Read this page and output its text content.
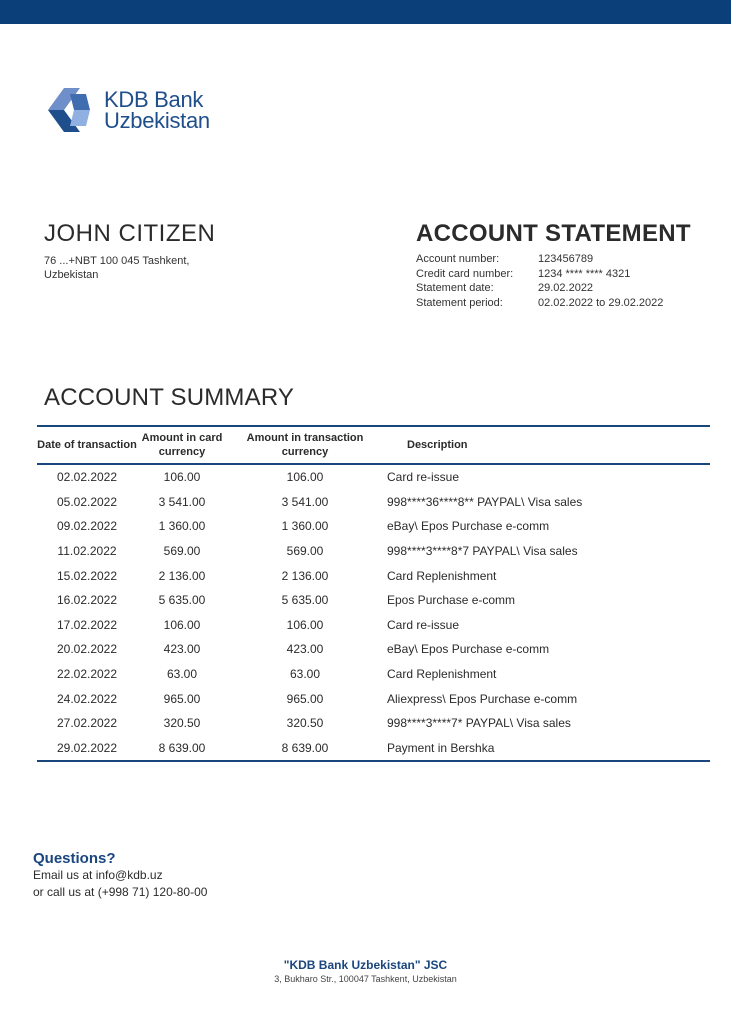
KDB Bank
Uzbekistan
JOHN CITIZEN
76 ...+NBT 100 045 Tashkent,
Uzbekistan
ACCOUNT STATEMENT
Account number:	123456789
Credit card number:	1234 **** **** 4321
Statement date:	29.02.2022
Statement period:	02.02.2022 to 29.02.2022
ACCOUNT SUMMARY
Date of transaction	Amount in card currency	Amount in transaction currency	Description
02.02.2022	106.00	106.00	Card re-issue
05.02.2022	3 541.00	3 541.00	998****36****8** PAYPAL\ Visa sales
09.02.2022	1 360.00	1 360.00	eBay\ Epos Purchase e-comm
11.02.2022	569.00	569.00	998****3****8*7 PAYPAL\ Visa sales
15.02.2022	2 136.00	2 136.00	Card Replenishment
16.02.2022	5 635.00	5 635.00	Epos Purchase e-comm
17.02.2022	106.00	106.00	Card re-issue
20.02.2022	423.00	423.00	eBay\ Epos Purchase e-comm
22.02.2022	63.00	63.00	Card Replenishment
24.02.2022	965.00	965.00	Aliexpress\ Epos Purchase e-comm
27.02.2022	320.50	320.50	998****3****7* PAYPAL\ Visa sales
29.02.2022	8 639.00	8 639.00	Payment in Bershka
Questions?
Email us at info@kdb.uz
or call us at (+998 71) 120-80-00
"KDB Bank Uzbekistan" JSC
3, Bukharo Str., 100047 Tashkent, Uzbekistan
